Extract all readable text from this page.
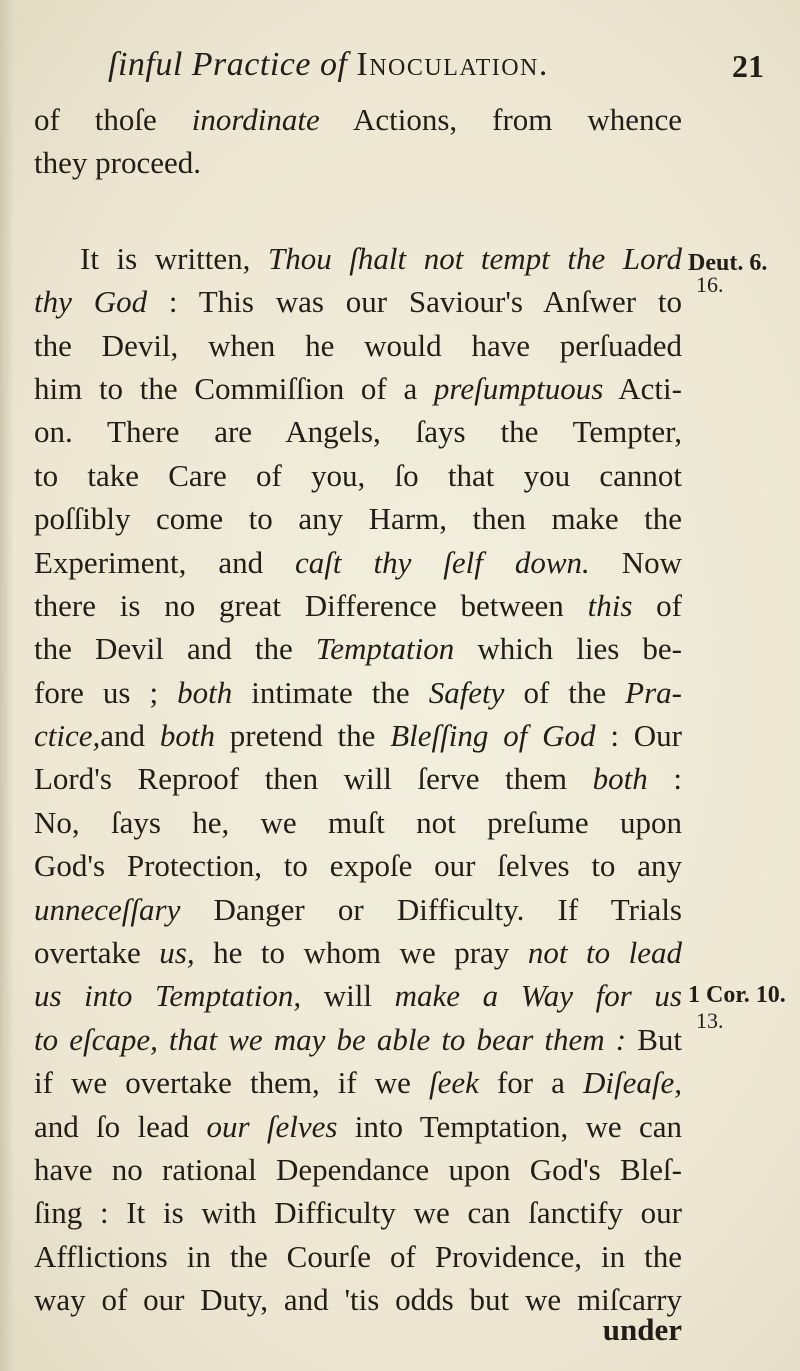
ſinful Practice of Inoculation.	21
of thoſe inordinate Actions, from whence
they proceed.
It is written, Thou ſhalt not tempt the Lord
thy God : This was our Saviour's Anſwer to
the Devil, when he would have perſuaded
him to the Commiſſion of a preſumptuous Acti-
on. There are Angels, ſays the Tempter,
to take Care of you, ſo that you cannot
poſſibly come to any Harm, then make the
Experiment, and caſt thy ſelf down. Now
there is no great Difference between this of
the Devil and the Temptation which lies be-
fore us ; both intimate the Safety of the Pra-
ctice,and both pretend the Bleſſing of God : Our
Lord's Reproof then will ſerve them both :
No, ſays he, we muſt not preſume upon
God's Protection, to expoſe our ſelves to any
unneceſſary Danger or Difficulty. If Trials
overtake us, he to whom we pray not to lead
us into Temptation, will make a Way for us
to eſcape, that we may be able to bear them : But
if we overtake them, if we ſeek for a Diſeaſe,
and ſo lead our ſelves into Temptation, we can
have no rational Dependance upon God's Bleſ-
ſing : It is with Difficulty we can ſanctify our
Afflictions in the Courſe of Providence, in the
way of our Duty, and 'tis odds but we miſcarry
Deut. 6.
16.
1 Cor. 10.
13.
under
